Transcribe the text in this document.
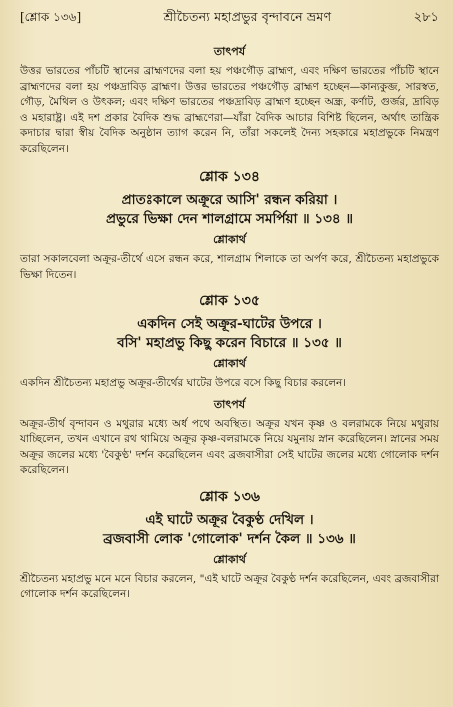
[শ্লোক ১৩৬]	শ্রীচৈতন্য মহাপ্রভুর বৃন্দাবনে ভ্রমণ	২৮১
তাৎপর্য

উত্তর ভারতের পাঁচটি স্থানের ব্রাহ্মণদের বলা হয় পঞ্চগৌড় ব্রাহ্মণ, এবং দক্ষিণ ভারতের পাঁচটি স্থানে ব্রাহ্মণদের বলা হয় পঞ্চদ্রাবিড় ব্রাহ্মণ। উত্তর ভারতের পঞ্চগৌড় ব্রাহ্মণ হচ্ছেন—কান্যকুব্জ, সারস্বত, গৌড়, মৈথিল ও উৎকল; এবং দক্ষিণ ভারতের পঞ্চদ্রাবিড় ব্রাহ্মণ হচ্ছেন অন্ধ্র, কর্ণাট, গুর্জর, দ্রাবিড় ও মহারাষ্ট্র। এই দশ প্রকার বৈদিক শুদ্ধ ব্রাহ্মণেরা—যাঁরা বৈদিক আচার বিশিষ্ট ছিলেন, অর্থাৎ তান্ত্রিক কদাচার দ্বারা স্বীয় বৈদিক অনুষ্ঠান ত্যাগ করেন নি, তাঁরা সকলেই দৈন্য সহকারে মহাপ্রভুকে নিমন্ত্রণ করেছিলেন।

শ্লোক ১৩৪
প্রাতঃকালে অক্রূরে আসি' রন্ধন করিয়া ।
প্রভুরে ভিক্ষা দেন শালগ্রামে সমর্পিয়া ॥ ১৩৪ ॥
শ্লোকার্থ

তারা সকালবেলা অক্রূর-তীর্থে এসে রন্ধন করে, শালগ্রাম শিলাকে তা অর্পণ করে, শ্রীচৈতন্য মহাপ্রভুকে ভিক্ষা দিতেন।

শ্লোক ১৩৫
একদিন সেই অক্রূর-ঘাটের উপরে ।
বসি' মহাপ্রভু কিছু করেন বিচারে ॥ ১৩৫ ॥
শ্লোকার্থ

একদিন শ্রীচৈতন্য মহাপ্রভু অক্রূর-তীর্থের ঘাটের উপরে বসে কিছু বিচার করলেন।

তাৎপর্য

অক্রূর-তীর্থ বৃন্দাবন ও মথুরার মধ্যে অর্ধ পথে অবস্থিত। অক্রূর যখন কৃষ্ণ ও বলরামকে নিয়ে মথুরায় যাচ্ছিলেন, তখন এখানে রথ থামিয়ে অক্রূর কৃষ্ণ-বলরামকে নিয়ে যমুনায় স্নান করেছিলেন। স্নানের সময় অক্রূর জলের মধ্যে 'বৈকুণ্ঠ' দর্শন করেছিলেন এবং ব্রজবাসীরা সেই ঘাটের জলের মধ্যে গোলোক দর্শন করেছিলেন।

শ্লোক ১৩৬
এই ঘাটে অক্রূর বৈকুণ্ঠ দেখিল ।
ব্রজবাসী লোক 'গোলোক' দর্শন কৈল ॥ ১৩৬ ॥
শ্লোকার্থ

শ্রীচৈতন্য মহাপ্রভু মনে মনে বিচার করলেন, "এই ঘাটে অক্রূর বৈকুণ্ঠ দর্শন করেছিলেন, এবং ব্রজবাসীরা গোলোক দর্শন করেছিলেন।
